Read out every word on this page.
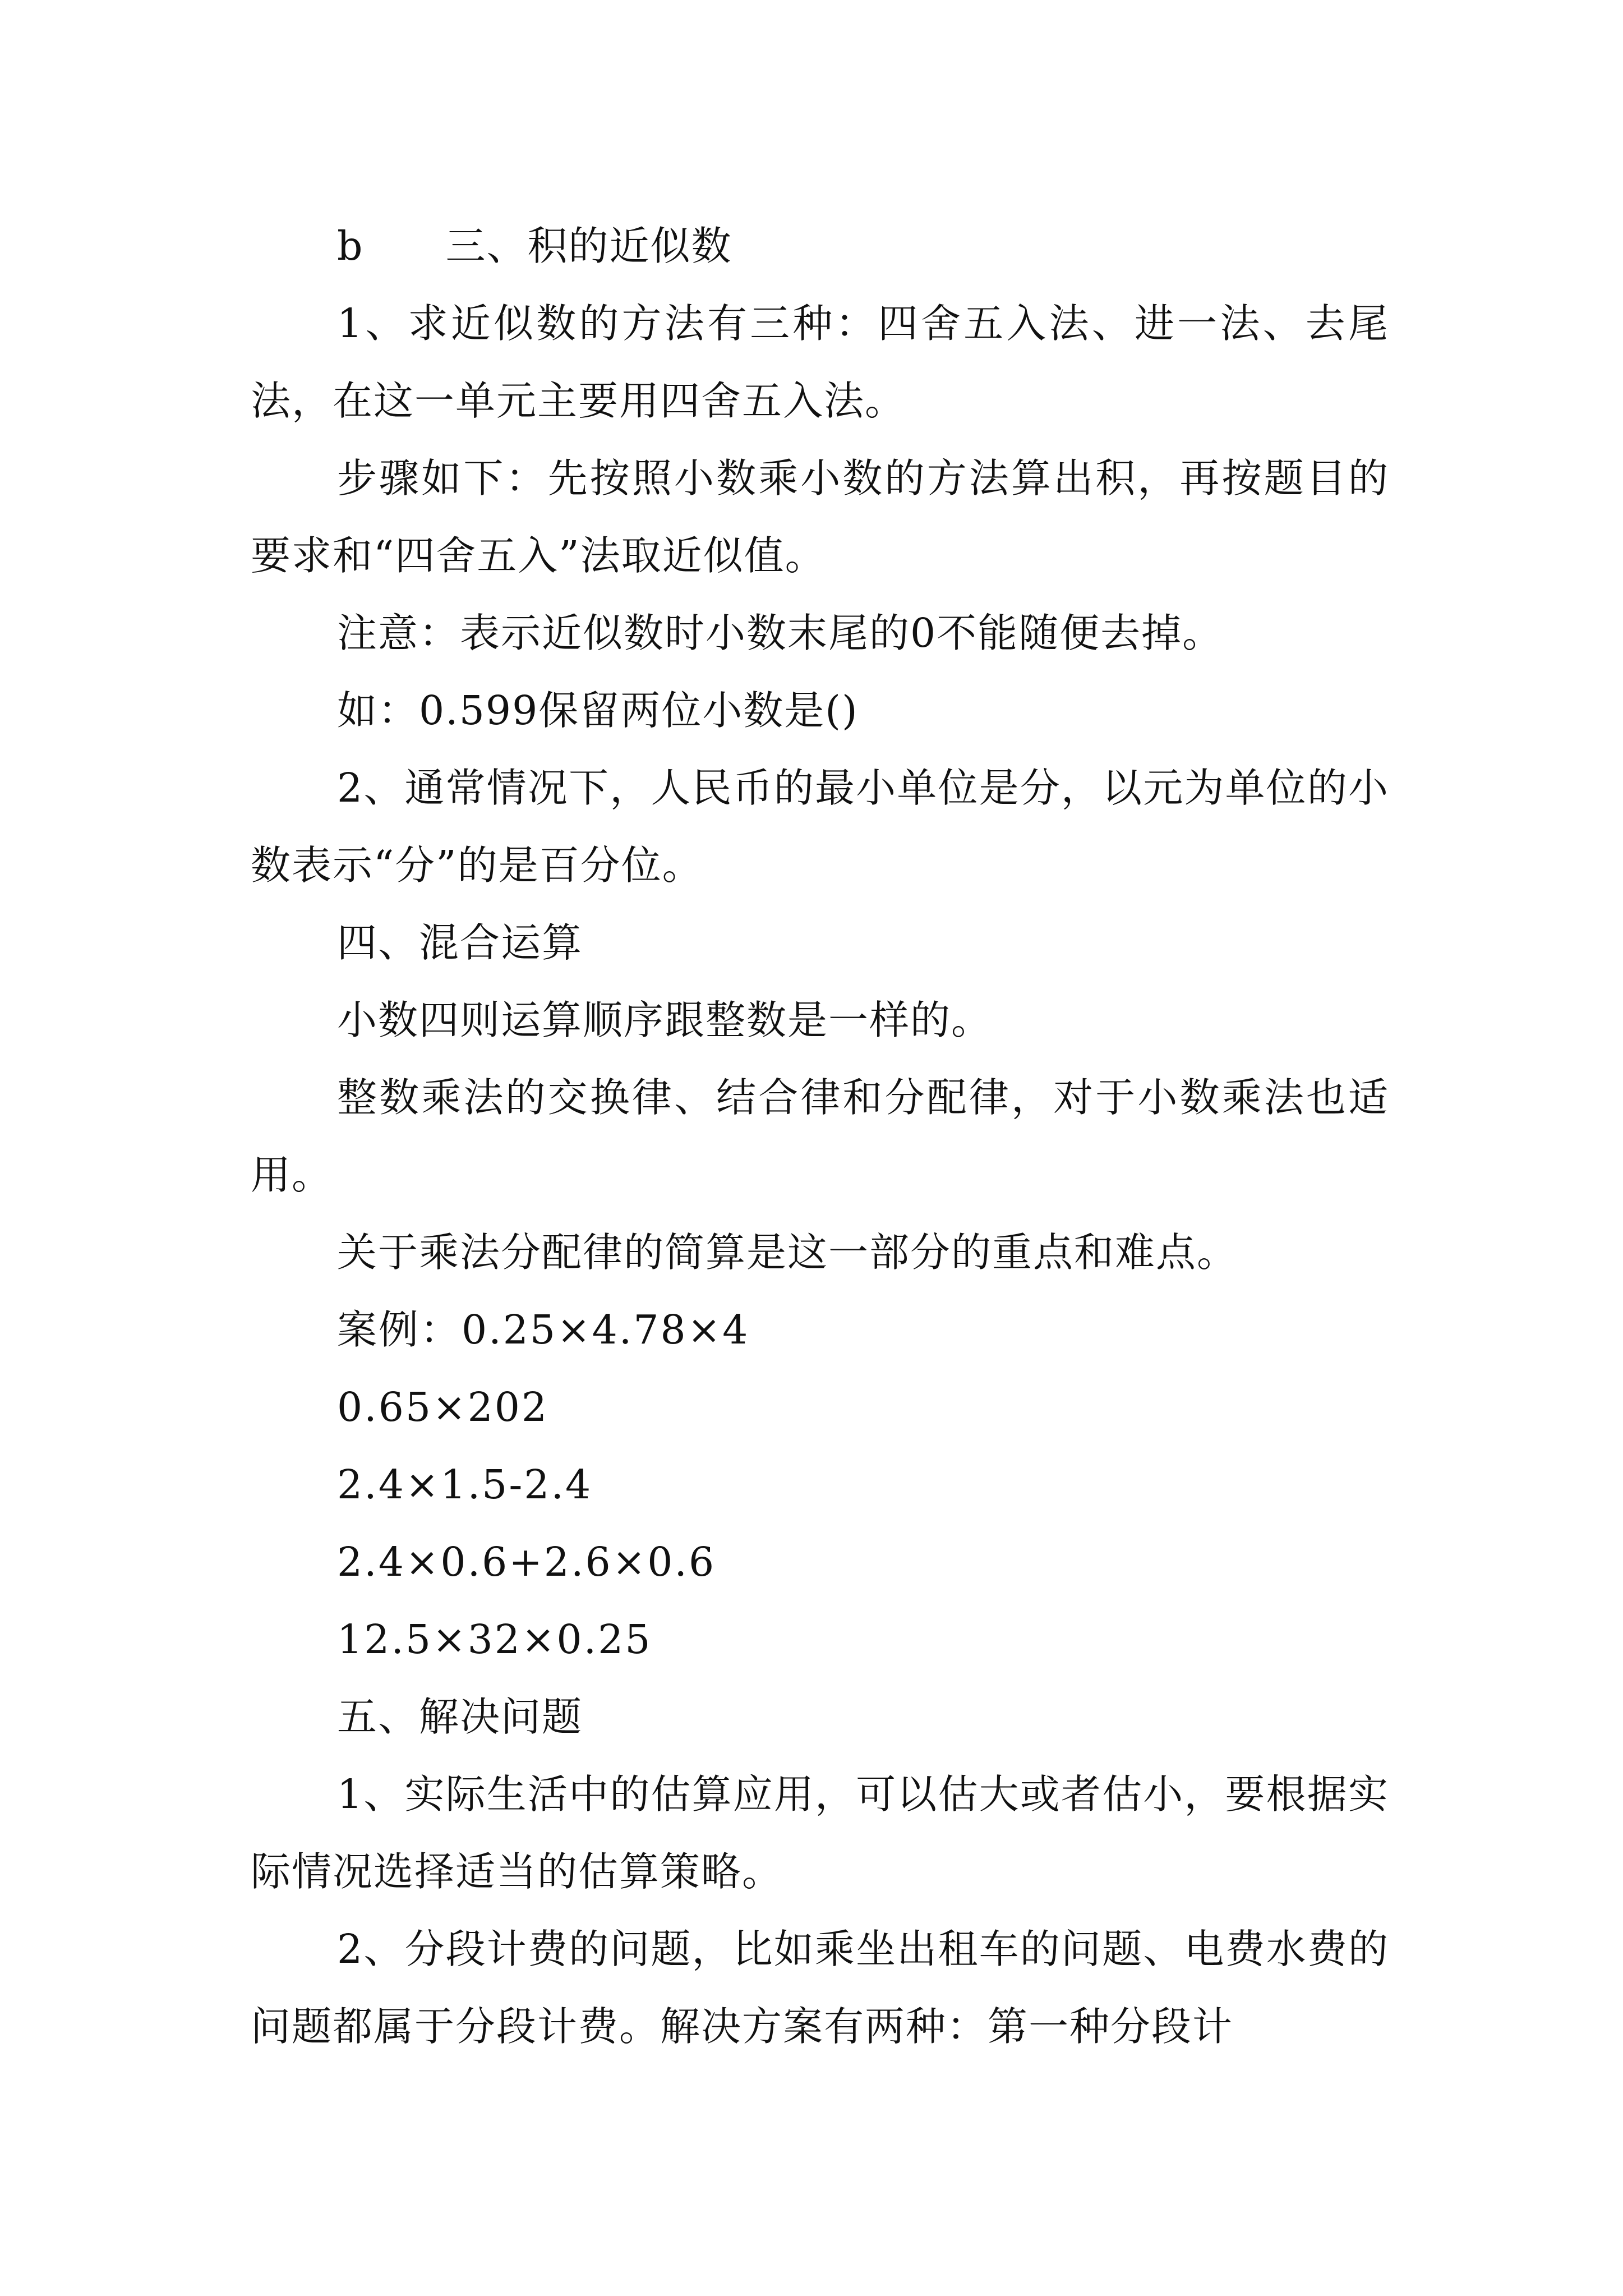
b　　三、积的近似数

1、求近似数的方法有三种：四舍五入法、进一法、去尾法，在这一单元主要用四舍五入法。

步骤如下：先按照小数乘小数的方法算出积，再按题目的要求和“四舍五入”法取近似值。

注意：表示近似数时小数末尾的0不能随便去掉。

如：0.599保留两位小数是()

2、通常情况下，人民币的最小单位是分，以元为单位的小数表示“分”的是百分位。

四、混合运算

小数四则运算顺序跟整数是一样的。

整数乘法的交换律、结合律和分配律，对于小数乘法也适用。

关于乘法分配律的简算是这一部分的重点和难点。

案例：0.25×4.78×4

0.65×202

2.4×1.5-2.4

2.4×0.6+2.6×0.6

12.5×32×0.25

五、解决问题

1、实际生活中的估算应用，可以估大或者估小，要根据实际情况选择适当的估算策略。

2、分段计费的问题，比如乘坐出租车的问题、电费水费的问题都属于分段计费。解决方案有两种：第一种分段计
